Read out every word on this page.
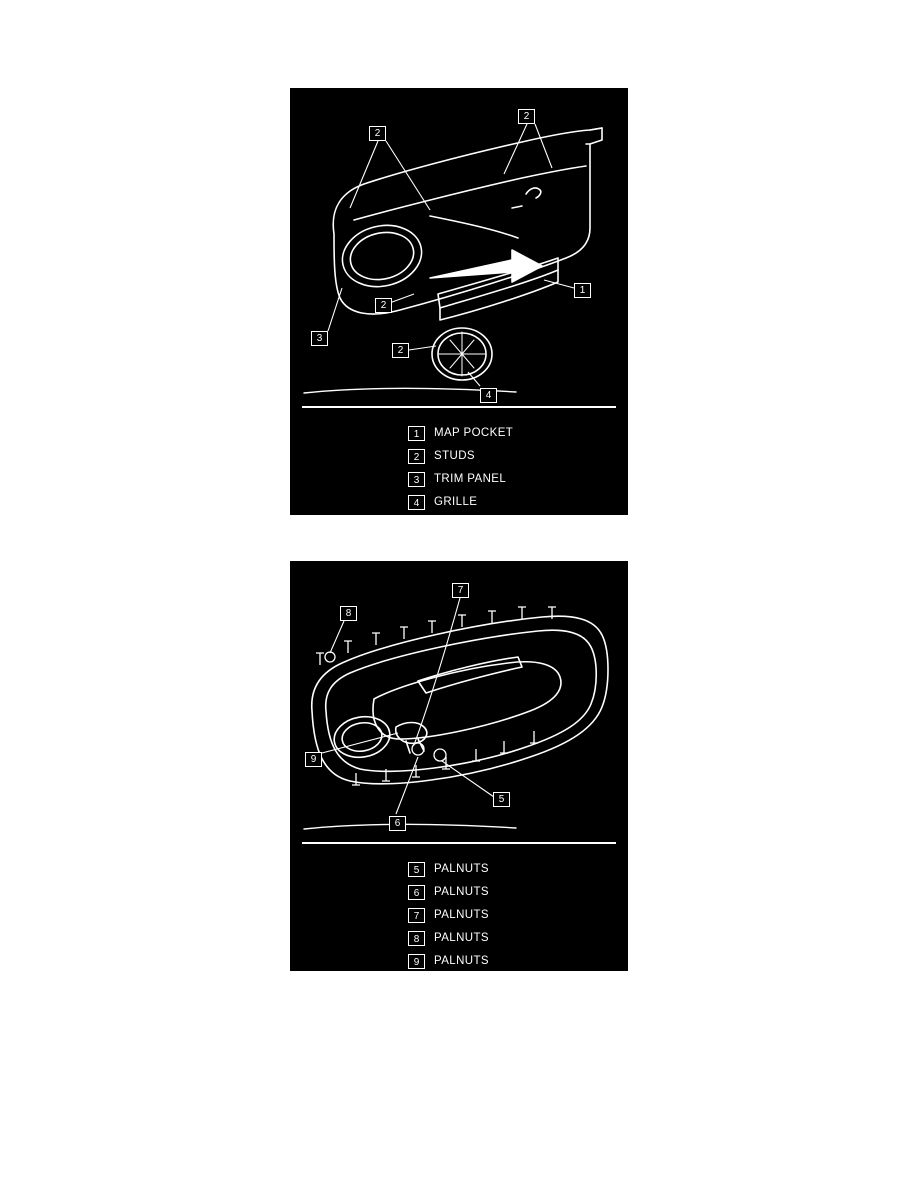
2
2
1
2
3
2
4
1	MAP POCKET
2	STUDS
3	TRIM PANEL
4	GRILLE
7
8
9
6
5
5	PALNUTS
6	PALNUTS
7	PALNUTS
8	PALNUTS
9	PALNUTS
